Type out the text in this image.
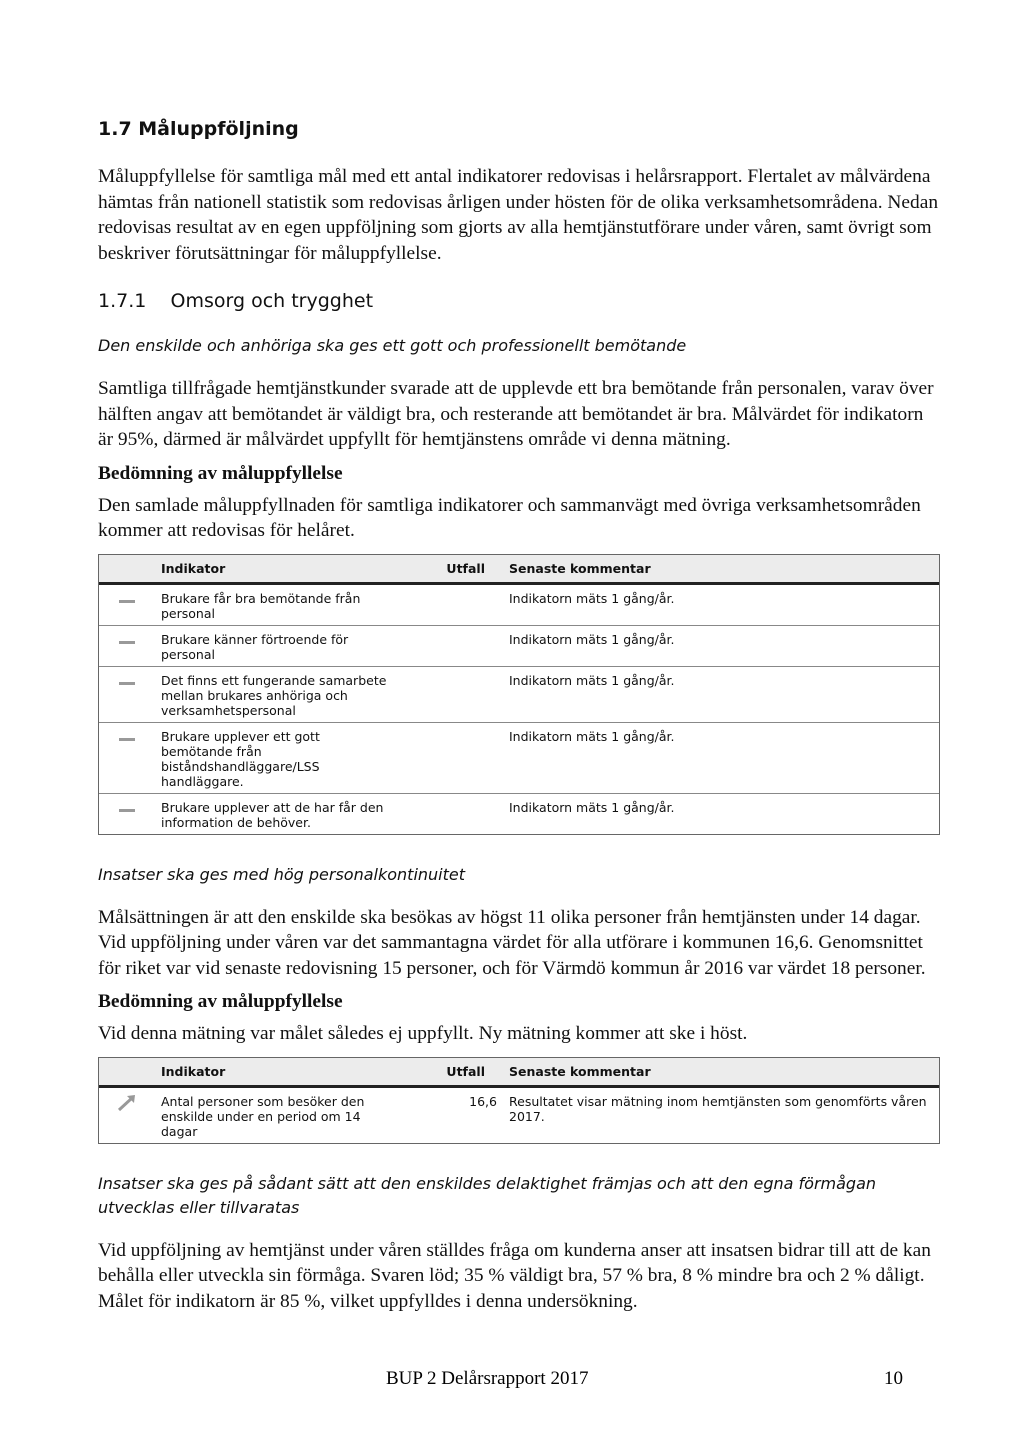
1.7 Måluppföljning

Måluppfyllelse för samtliga mål med ett antal indikatorer redovisas i helårsrapport. Flertalet av målvärdena hämtas från nationell statistik som redovisas årligen under hösten för de olika verksamhetsområdena. Nedan redovisas resultat av en egen uppföljning som gjorts av alla hemtjänstutförare under våren, samt övrigt som beskriver förutsättningar för måluppfyllelse.

1.7.1    Omsorg och trygghet
Den enskilde och anhöriga ska ges ett gott och professionellt bemötande

Samtliga tillfrågade hemtjänstkunder svarade att de upplevde ett bra bemötande från personalen, varav över hälften angav att bemötandet är väldigt bra, och resterande att bemötandet är bra. Målvärdet för indikatorn är 95%, därmed är målvärdet uppfyllt för hemtjänstens område vi denna mätning.

Bedömning av måluppfyllelse

Den samlade måluppfyllnaden för samtliga indikatorer och sammanvägt med övriga verksamhetsområden kommer att redovisas för helåret.

	Indikator	Utfall	Senaste kommentar
	Brukare får bra bemötande från personal		Indikatorn mäts 1 gång/år.
	Brukare känner förtroende för personal		Indikatorn mäts 1 gång/år.
	Det finns ett fungerande samarbete mellan brukares anhöriga och verksamhetspersonal		Indikatorn mäts 1 gång/år.
	Brukare upplever ett gott bemötande från biståndshandläggare/LSS handläggare.		Indikatorn mäts 1 gång/år.
	Brukare upplever att de har får den information de behöver.		Indikatorn mäts 1 gång/år.
Insatser ska ges med hög personalkontinuitet

Målsättningen är att den enskilde ska besökas av högst 11 olika personer från hemtjänsten under 14 dagar. Vid uppföljning under våren var det sammantagna värdet för alla utförare i kommunen 16,6. Genomsnittet för riket var vid senaste redovisning 15 personer, och för Värmdö kommun år 2016 var värdet 18 personer.

Bedömning av måluppfyllelse

Vid denna mätning var målet således ej uppfyllt. Ny mätning kommer att ske i höst.

	Indikator	Utfall	Senaste kommentar
	Antal personer som besöker den enskilde under en period om 14 dagar	16,6	Resultatet visar mätning inom hemtjänsten som genomförts våren 2017.
Insatser ska ges på sådant sätt att den enskildes delaktighet främjas och att den egna förmågan utvecklas eller tillvaratas

Vid uppföljning av hemtjänst under våren ställdes fråga om kunderna anser att insatsen bidrar till att de kan behålla eller utveckla sin förmåga. Svaren löd; 35 % väldigt bra, 57 % bra, 8 % mindre bra och 2 % dåligt. Målet för indikatorn är 85 %, vilket uppfylldes i denna undersökning.

BUP 2 Delårsrapport 2017	10
